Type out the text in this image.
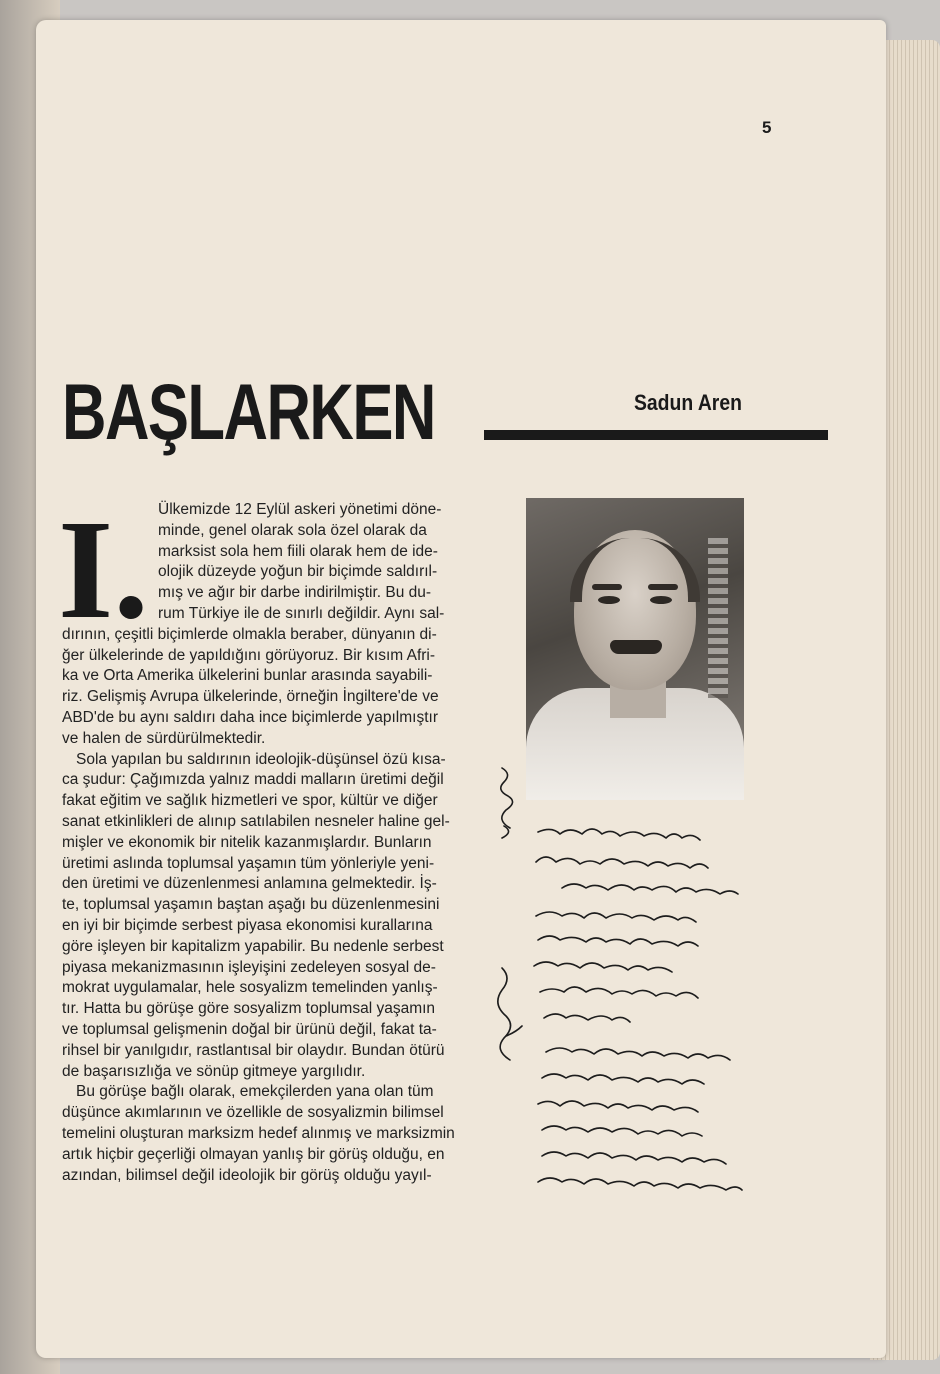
5
BAŞLARKEN	Sadun Aren
I. Ülkemizde 12 Eylül askeri yönetimi döne-
minde, genel olarak sola özel olarak da
marksist sola hem fiili olarak hem de ide-
olojik düzeyde yoğun bir biçimde saldırıl-
mış ve ağır bir darbe indirilmiştir. Bu du-
rum Türkiye ile de sınırlı değildir. Aynı sal-
dırının, çeşitli biçimlerde olmakla beraber, dünyanın di-
ğer ülkelerinde de yapıldığını görüyoruz. Bir kısım Afri-
ka ve Orta Amerika ülkelerini bunlar arasında sayabili-
riz. Gelişmiş Avrupa ülkelerinde, örneğin İngiltere'de ve
ABD'de bu aynı saldırı daha ince biçimlerde yapılmıştır
ve halen de sürdürülmektedir.
Sola yapılan bu saldırının ideolojik-düşünsel özü kısa-
ca şudur: Çağımızda yalnız maddi malların üretimi değil
fakat eğitim ve sağlık hizmetleri ve spor, kültür ve diğer
sanat etkinlikleri de alınıp satılabilen nesneler haline gel-
mişler ve ekonomik bir nitelik kazanmışlardır. Bunların
üretimi aslında toplumsal yaşamın tüm yönleriyle yeni-
den üretimi ve düzenlenmesi anlamına gelmektedir. İş-
te, toplumsal yaşamın baştan aşağı bu düzenlenmesini
en iyi bir biçimde serbest piyasa ekonomisi kurallarına
göre işleyen bir kapitalizm yapabilir. Bu nedenle serbest
piyasa mekanizmasının işleyişini zedeleyen sosyal de-
mokrat uygulamalar, hele sosyalizm temelinden yanlış-
tır. Hatta bu görüşe göre sosyalizm toplumsal yaşamın
ve toplumsal gelişmenin doğal bir ürünü değil, fakat ta-
rihsel bir yanılgıdır, rastlantısal bir olaydır. Bundan ötürü
de başarısızlığa ve sönüp gitmeye yargılıdır.
Bu görüşe bağlı olarak, emekçilerden yana olan tüm
düşünce akımlarının ve özellikle de sosyalizmin bilimsel
temelini oluşturan marksizm hedef alınmış ve marksizmin
artık hiçbir geçerliği olmayan yanlış bir görüş olduğu, en
azından, bilimsel değil ideolojik bir görüş olduğu yayıl-
